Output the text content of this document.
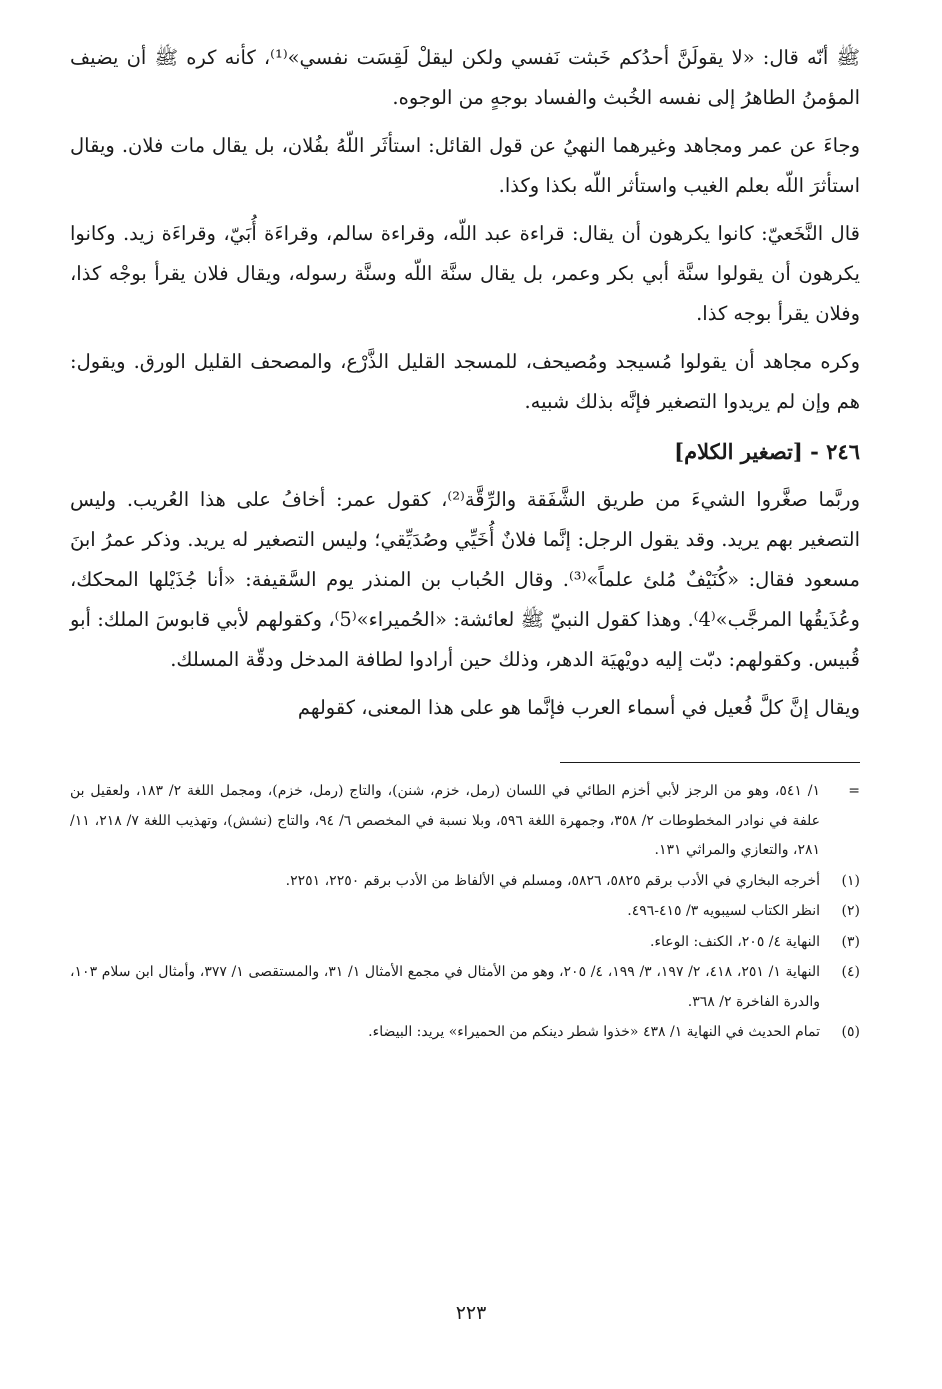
ﷺ أنّه قال: «لا يقولَنَّ أحدُكم خَبثت نَفسي ولكن ليقلْ لَقِسَت نفسي»⁽¹⁾، كأنه كره ﷺ أن يضيف المؤمنُ الطاهرُ إلى نفسه الخُبث والفساد بوجهٍ من الوجوه.

وجاءَ عن عمر ومجاهد وغيرهما النهيُ عن قول القائل: استأثَر اللّهُ بفُلان، بل يقال مات فلان. ويقال استأثرَ اللّه بعلم الغيب واستأثر اللّه بكذا وكذا.

قال النَّخَعيّ: كانوا يكرهون أن يقال: قراءة عبد اللّه، وقراءة سالم، وقراءَة أُبَيّ، وقراءَة زيد. وكانوا يكرهون أن يقولوا سنَّة أبي بكر وعمر، بل يقال سنَّة اللّه وسنَّة رسوله، ويقال فلان يقرأ بوجْه كذا، وفلان يقرأ بوجه كذا.

وكره مجاهد أن يقولوا مُسيجد ومُصيحف، للمسجد القليل الذَّرْع، والمصحف القليل الورق. ويقول: هم وإن لم يريدوا التصغير فإنَّه بذلك شبيه.

٢٤٦ - [تصغير الكلام]

وربَّما صغَّروا الشيءَ من طريق الشَّفَقة والرِّقَّة⁽²⁾، كقول عمر: أخافُ على هذا العُريب. وليس التصغير بهم يريد. وقد يقول الرجل: إنَّما فلانٌ أُخَيِّي وصُدَيِّقي؛ وليس التصغير له يريد. وذكر عمرُ ابنَ مسعود فقال: «كُنَيْفٌ مُلئ علماً»⁽³⁾. وقال الحُباب بن المنذر يوم السَّقيفة: «أنا جُذَيْلها المحكك، وعُذَيقُها المرجَّب»⁽4⁾. وهذا كقول النبيّ ﷺ لعائشة: «الحُميراء»⁽5⁾، وكقولهم لأبي قابوسَ الملك: أبو قُبيس. وكقولهم: دبّت إليه دويْهيَة الدهر، وذلك حين أرادوا لطافة المدخل ودقّة المسلك.

ويقال إنَّ كلَّ فُعيل في أسماء العرب فإنَّما هو على هذا المعنى، كقولهم

=
١/ ٥٤١، وهو من الرجز لأبي أخزم الطائي في اللسان (رمل، خزم، شنن)، والتاج (رمل، خزم)، ومجمل اللغة ٢/ ١٨٣، ولعقيل بن علفة في نوادر المخطوطات ٢/ ٣٥٨، وجمهرة اللغة ٥٩٦، وبلا نسبة في المخصص ٦/ ٩٤، والتاج (نشش)، وتهذيب اللغة ٧/ ٢١٨، ١١/ ٢٨١، والتعازي والمراثي ١٣١.
(١)
أخرجه البخاري في الأدب برقم ٥٨٢٥، ٥٨٢٦، ومسلم في الألفاظ من الأدب برقم ٢٢٥٠، ٢٢٥١.
(٢)
انظر الكتاب لسيبويه ٣/ ٤١٥-٤٩٦.
(٣)
النهاية ٤/ ٢٠٥، الكنف: الوعاء.
(٤)
النهاية ١/ ٢٥١، ٤١٨، ٢/ ١٩٧، ٣/ ١٩٩، ٤/ ٢٠٥، وهو من الأمثال في مجمع الأمثال ١/ ٣١، والمستقصى ١/ ٣٧٧، وأمثال ابن سلام ١٠٣، والدرة الفاخرة ٢/ ٣٦٨.
(٥)
تمام الحديث في النهاية ١/ ٤٣٨ «خذوا شطر دينكم من الحميراء» يريد: البيضاء.
٢٢٣
